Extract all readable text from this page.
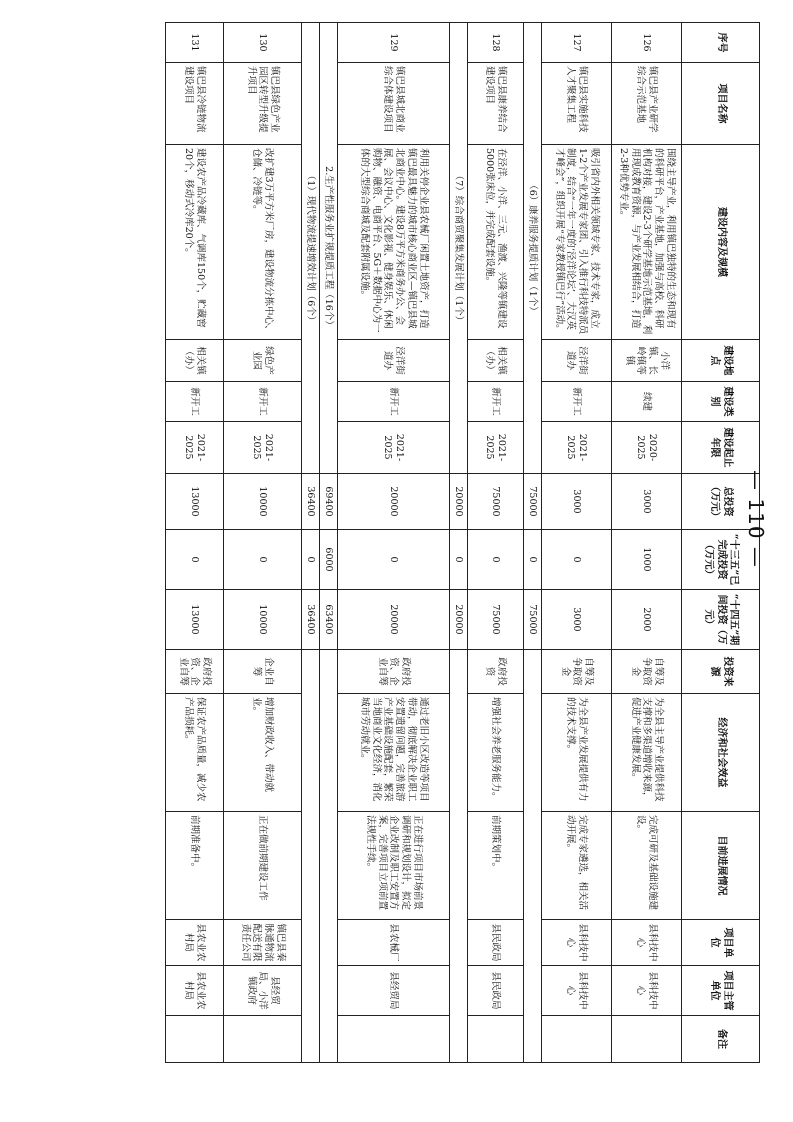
序号	项目名称	建设内容及规模	建设地点	建设类别	建设起止年限	总投资（万元）	“十三五”已完成投资（万元）	“十四五”期间投资（万元）	投资来源	经济和社会效益	目前进展情况	项目单位	项目主管单位	备注
126	镇巴县产业研学综合示范基地	围绕主导产业，利用镇巴独特的生态和现有的科研平台，产业基地，加强与高校、科研机构对接，建设2-3个研学基地示范基地，利用现成教育资源，与产业发展相结合，打造2-3种优势专业。	小洋镇、长岭镇等镇	续建	2020-2025	3000	1000	2000	自筹及争取资金	为全县主导产业提供科技支撑和多渠道增收来源，促进产业健康发展。	完成可研及基础设施建设。	县科技中心	县科技中心	
127	镇巴县实施科技人才聚集工程	吸引省内外相关领域专家、技术专家，成立1-2个产业发展专家团、引入推行科技特派员制度，结合“一年一度的‘泾洋论坛’、大汉英才峰会”，组织开展“专家教授镇巴行”活动。	泾洋街道办	新开工	2021-2025	3000	0	3000	自筹及争取资金	为全县产业发展提供有力的技术支撑。	完成专家遴选，相关活动开展。	县科技中心	县科技中心	
（6）康养服务提质计划（1个）						75000	0	75000						
128	镇巴县康养结合建设项目	在泾洋、小洋、三元、渔渡、兴隆等镇建设5000张床位，并完成配套设施。	相关镇（办）	新开工	2021-2025	75000	0	75000	政府投资	增强社会养老服务能力。	前期策划中。	县民政局	县民政局	
（7）综合商贸聚集发展计划（1个）						20000	0	20000						
129	镇巴县城北商业综合体建设项目	利用关停企业县农械厂闲置土地资产，打造镇巴最具魅力的城市核心商业区—镇巴县城北商业中心。建设8万平方米商务办公、会展、会议中心、文化影视、健身娱乐、休闲购物、融资、电商平台、5G＋数据中心为一体的大型综合商城及配套附属设施。	泾洋街道办	新开工	2021-2025	20000	0	20000	政府投资、企业自筹	通过老旧小区改造等项目带动，彻底解决企业职工安置遗留问题，完善旅游产业基础设施配套，繁荣当地商业文化经济，消化城市劳动就业。	正在进行项目市场前景调研和规划设计，拟定企业改制及职工安置方案，完善项目立项前置法规性手续。	县农械厂	县经贸局	
2.生产性服务业扩规提质工程（16个）						69400	6000	63400						
（1）现代物流提速增效计划（6个）						36400	0	36400						
130	镇巴县绿色产业园区转型升级提升项目	改扩建3万平方米厂房，建设物流分拣中心、仓储、冷链等。	绿色产业园	新开工	2021-2025	10000	0	10000	企业自筹	增加财政收入、带动就业。	正在做前期建设工作	镇巴县秦脉通物流配送有限责任公司	县经贸局、小洋镇政府	
131	镇巴县冷链物流建设项目	建设农产品冷藏库、气调库150个，贮藏窖20个，移动式冷库20个。	相关镇（办）	新开工	2021-2025	13000	0	13000	政府投资、企业自筹	保证农产品质量，减少农产品损耗。	前期准备中。	县农业农村局	县农业农村局	
— 110 —
